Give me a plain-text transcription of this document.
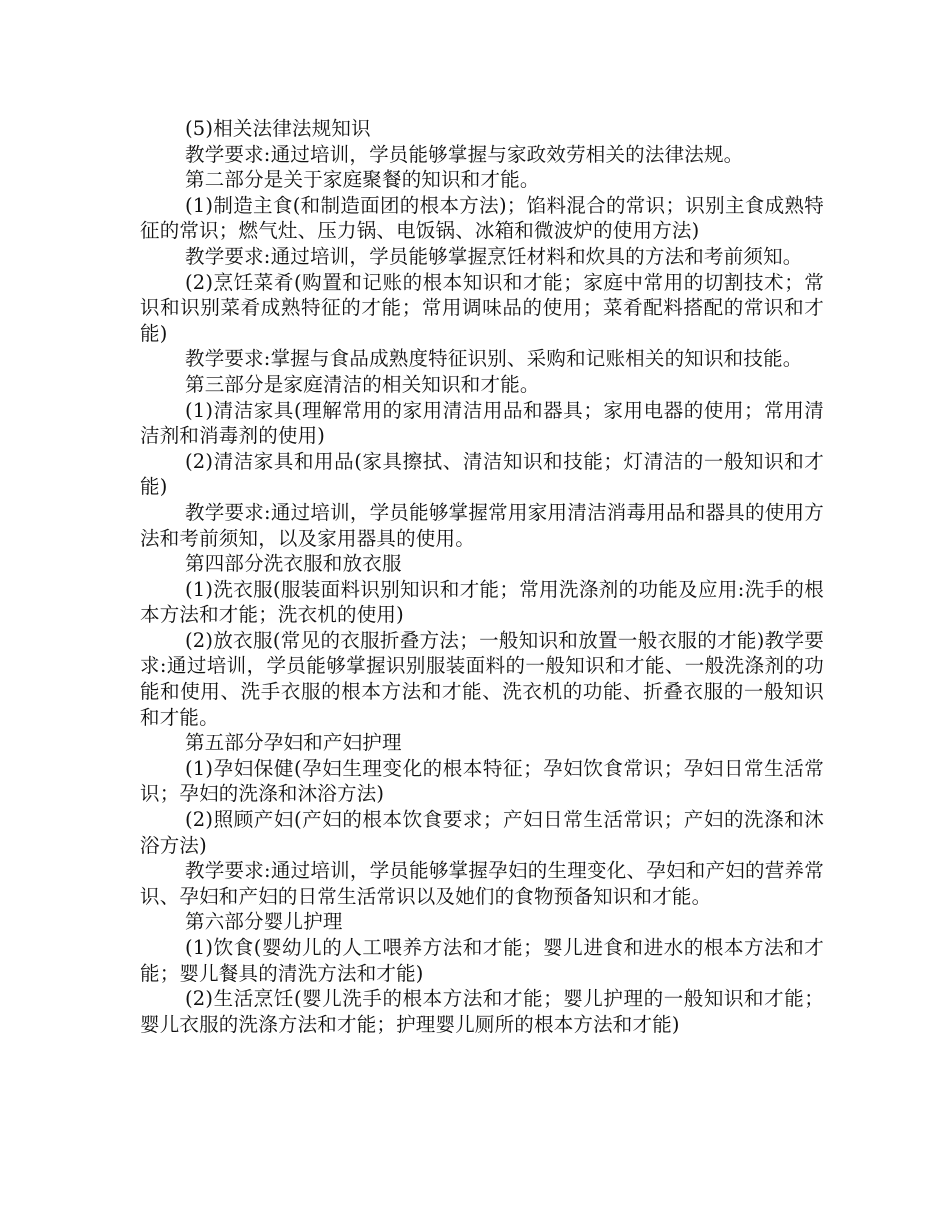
(5)相关法律法规知识

教学要求:通过培训，学员能够掌握与家政效劳相关的法律法规。

第二部分是关于家庭聚餐的知识和才能。

(1)制造主食(和制造面团的根本方法)；馅料混合的常识；识别主食成熟特征的常识；燃气灶、压力锅、电饭锅、冰箱和微波炉的使用方法)

教学要求:通过培训，学员能够掌握烹饪材料和炊具的方法和考前须知。

(2)烹饪菜肴(购置和记账的根本知识和才能；家庭中常用的切割技术；常识和识别菜肴成熟特征的才能；常用调味品的使用；菜肴配料搭配的常识和才能)

教学要求:掌握与食品成熟度特征识别、采购和记账相关的知识和技能。

第三部分是家庭清洁的相关知识和才能。

(1)清洁家具(理解常用的家用清洁用品和器具；家用电器的使用；常用清洁剂和消毒剂的使用)

(2)清洁家具和用品(家具擦拭、清洁知识和技能；灯清洁的一般知识和才能)

教学要求:通过培训，学员能够掌握常用家用清洁消毒用品和器具的使用方法和考前须知，以及家用器具的使用。

第四部分洗衣服和放衣服

(1)洗衣服(服装面料识别知识和才能；常用洗涤剂的功能及应用:洗手的根本方法和才能；洗衣机的使用)

(2)放衣服(常见的衣服折叠方法；一般知识和放置一般衣服的才能)教学要求:通过培训，学员能够掌握识别服装面料的一般知识和才能、一般洗涤剂的功能和使用、洗手衣服的根本方法和才能、洗衣机的功能、折叠衣服的一般知识和才能。

第五部分孕妇和产妇护理

(1)孕妇保健(孕妇生理变化的根本特征；孕妇饮食常识；孕妇日常生活常识；孕妇的洗涤和沐浴方法)

(2)照顾产妇(产妇的根本饮食要求；产妇日常生活常识；产妇的洗涤和沐浴方法)

教学要求:通过培训，学员能够掌握孕妇的生理变化、孕妇和产妇的营养常识、孕妇和产妇的日常生活常识以及她们的食物预备知识和才能。

第六部分婴儿护理

(1)饮食(婴幼儿的人工喂养方法和才能；婴儿进食和进水的根本方法和才能；婴儿餐具的清洗方法和才能)

(2)生活烹饪(婴儿洗手的根本方法和才能；婴儿护理的一般知识和才能；婴儿衣服的洗涤方法和才能；护理婴儿厕所的根本方法和才能)
